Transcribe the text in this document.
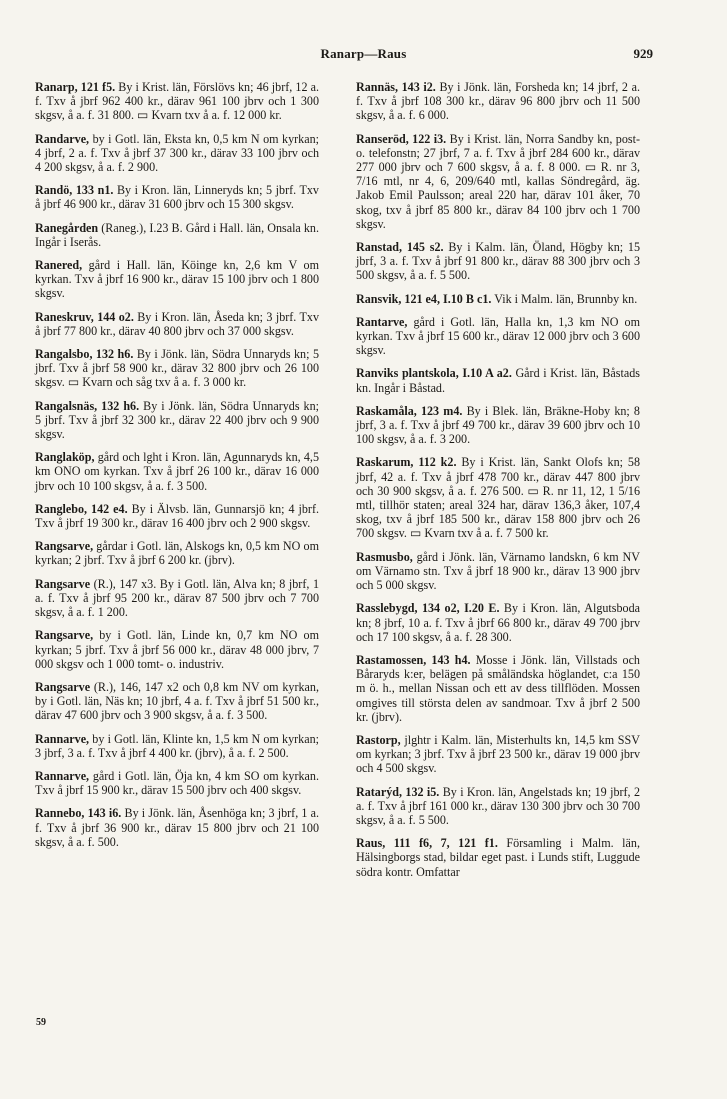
Ranarp—Raus	929

Ranarp, 121 f5. By i Krist. län, Förslövs kn; 46 jbrf, 12 a. f. Txv å jbrf 962 400 kr., därav 961 100 jbrv och 1 300 skgsv, å a. f. 31 800. ▭ Kvarn txv å a. f. 12 000 kr.

Randarve, by i Gotl. län, Eksta kn, 0,5 km N om kyrkan; 4 jbrf, 2 a. f. Txv å jbrf 37 300 kr., därav 33 100 jbrv och 4 200 skgsv, å a. f. 2 900.

Randö, 133 n1. By i Kron. län, Linneryds kn; 5 jbrf. Txv å jbrf 46 900 kr., därav 31 600 jbrv och 15 300 skgsv.

Ranegården (Raneg.), I.23 B. Gård i Hall. län, Onsala kn. Ingår i Iserås.

Ranered, gård i Hall. län, Köinge kn, 2,6 km V om kyrkan. Txv å jbrf 16 900 kr., därav 15 100 jbrv och 1 800 skgsv.

Raneskruv, 144 o2. By i Kron. län, Åseda kn; 3 jbrf. Txv å jbrf 77 800 kr., därav 40 800 jbrv och 37 000 skgsv.

Rangalsbo, 132 h6. By i Jönk. län, Södra Unnaryds kn; 5 jbrf. Txv å jbrf 58 900 kr., därav 32 800 jbrv och 26 100 skgsv. ▭ Kvarn och såg txv å a. f. 3 000 kr.

Rangalsnäs, 132 h6. By i Jönk. län, Södra Unnaryds kn; 5 jbrf. Txv å jbrf 32 300 kr., därav 22 400 jbrv och 9 900 skgsv.

Ranglaköp, gård och lght i Kron. län, Agunnaryds kn, 4,5 km ONO om kyrkan. Txv å jbrf 26 100 kr., därav 16 000 jbrv och 10 100 skgsv, å a. f. 3 500.

Ranglebo, 142 e4. By i Älvsb. län, Gunnarsjö kn; 4 jbrf. Txv å jbrf 19 300 kr., därav 16 400 jbrv och 2 900 skgsv.

Rangsarve, gårdar i Gotl. län, Alskogs kn, 0,5 km NO om kyrkan; 2 jbrf. Txv å jbrf 6 200 kr. (jbrv).

Rangsarve (R.), 147 x3. By i Gotl. län, Alva kn; 8 jbrf, 1 a. f. Txv å jbrf 95 200 kr., därav 87 500 jbrv och 7 700 skgsv, å a. f. 1 200.

Rangsarve, by i Gotl. län, Linde kn, 0,7 km NO om kyrkan; 5 jbrf. Txv å jbrf 56 000 kr., därav 48 000 jbrv, 7 000 skgsv och 1 000 tomt- o. industriv.

Rangsarve (R.), 146, 147 x2 och 0,8 km NV om kyrkan, by i Gotl. län, Näs kn; 10 jbrf, 4 a. f. Txv å jbrf 51 500 kr., därav 47 600 jbrv och 3 900 skgsv, å a. f. 3 500.

Rannarve, by i Gotl. län, Klinte kn, 1,5 km N om kyrkan; 3 jbrf, 3 a. f. Txv å jbrf 4 400 kr. (jbrv), å a. f. 2 500.

Rannarve, gård i Gotl. län, Öja kn, 4 km SO om kyrkan. Txv å jbrf 15 900 kr., därav 15 500 jbrv och 400 skgsv.

Rannebo, 143 i6. By i Jönk. län, Åsenhöga kn; 3 jbrf, 1 a. f. Txv å jbrf 36 900 kr., därav 15 800 jbrv och 21 100 skgsv, å a. f. 500.

Rannäs, 143 i2. By i Jönk. län, Forsheda kn; 14 jbrf, 2 a. f. Txv å jbrf 108 300 kr., därav 96 800 jbrv och 11 500 skgsv, å a. f. 6 000.

Ranseröd, 122 i3. By i Krist. län, Norra Sandby kn, post- o. telefonstn; 27 jbrf, 7 a. f. Txv å jbrf 284 600 kr., därav 277 000 jbrv och 7 600 skgsv, å a. f. 8 000. ▭ R. nr 3, 7/16 mtl, nr 4, 6, 209/640 mtl, kallas Söndregård, äg. Jakob Emil Paulsson; areal 220 har, därav 101 åker, 70 skog, txv å jbrf 85 800 kr., därav 84 100 jbrv och 1 700 skgsv.

Ranstad, 145 s2. By i Kalm. län, Öland, Högby kn; 15 jbrf, 3 a. f. Txv å jbrf 91 800 kr., därav 88 300 jbrv och 3 500 skgsv, å a. f. 5 500.

Ransvik, 121 e4, I.10 B c1. Vik i Malm. län, Brunnby kn.

Rantarve, gård i Gotl. län, Halla kn, 1,3 km NO om kyrkan. Txv å jbrf 15 600 kr., därav 12 000 jbrv och 3 600 skgsv.

Ranviks plantskola, I.10 A a2. Gård i Krist. län, Båstads kn. Ingår i Båstad.

Raskamåla, 123 m4. By i Blek. län, Bräkne-Hoby kn; 8 jbrf, 3 a. f. Txv å jbrf 49 700 kr., därav 39 600 jbrv och 10 100 skgsv, å a. f. 3 200.

Raskarum, 112 k2. By i Krist. län, Sankt Olofs kn; 58 jbrf, 42 a. f. Txv å jbrf 478 700 kr., därav 447 800 jbrv och 30 900 skgsv, å a. f. 276 500. ▭ R. nr 11, 12, 1 5/16 mtl, tillhör staten; areal 324 har, därav 136,3 åker, 107,4 skog, txv å jbrf 185 500 kr., därav 158 800 jbrv och 26 700 skgsv. ▭ Kvarn txv å a. f. 7 500 kr.

Rasmusbo, gård i Jönk. län, Värnamo landskn, 6 km NV om Värnamo stn. Txv å jbrf 18 900 kr., därav 13 900 jbrv och 5 000 skgsv.

Rasslebygd, 134 o2, I.20 E. By i Kron. län, Algutsboda kn; 8 jbrf, 10 a. f. Txv å jbrf 66 800 kr., därav 49 700 jbrv och 17 100 skgsv, å a. f. 28 300.

Rastamossen, 143 h4. Mosse i Jönk. län, Villstads och Båraryds k:er, belägen på småländska höglandet, c:a 150 m ö. h., mellan Nissan och ett av dess tillflöden. Mossen omgives till största delen av sandmoar. Txv å jbrf 2 500 kr. (jbrv).

Rastorp, jlghtr i Kalm. län, Misterhults kn, 14,5 km SSV om kyrkan; 3 jbrf. Txv å jbrf 23 500 kr., därav 19 000 jbrv och 4 500 skgsv.

Ratarýd, 132 i5. By i Kron. län, Angelstads kn; 19 jbrf, 2 a. f. Txv å jbrf 161 000 kr., därav 130 300 jbrv och 30 700 skgsv, å a. f. 5 500.

Raus, 111 f6, 7, 121 f1. Församling i Malm. län, Hälsingborgs stad, bildar eget past. i Lunds stift, Luggude södra kontr. Omfattar

59
